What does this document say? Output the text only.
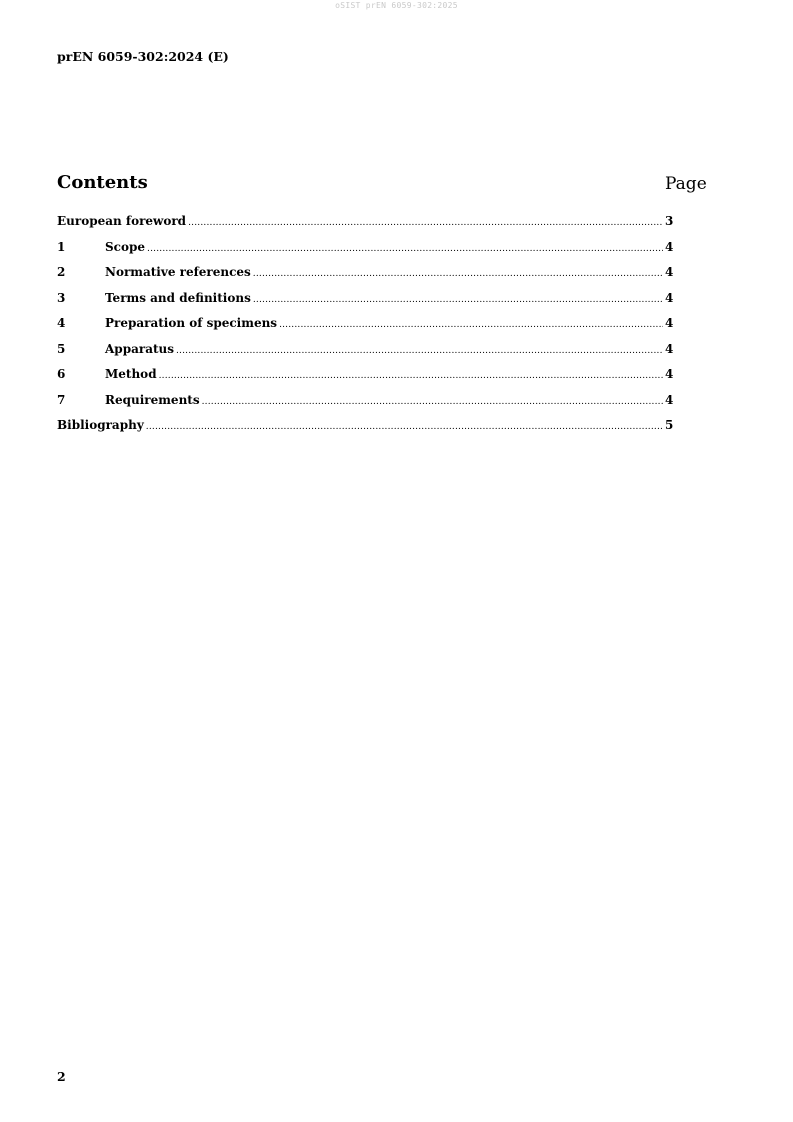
oSIST prEN 6059-302:2025
prEN 6059-302:2024 (E)
Contents	Page
European foreword .....	3
1	Scope .....	4
2	Normative references .....	4
3	Terms and definitions .....	4
4	Preparation of specimens .....	4
5	Apparatus .....	4
6	Method .....	4
7	Requirements .....	4
Bibliography .....	5
2
